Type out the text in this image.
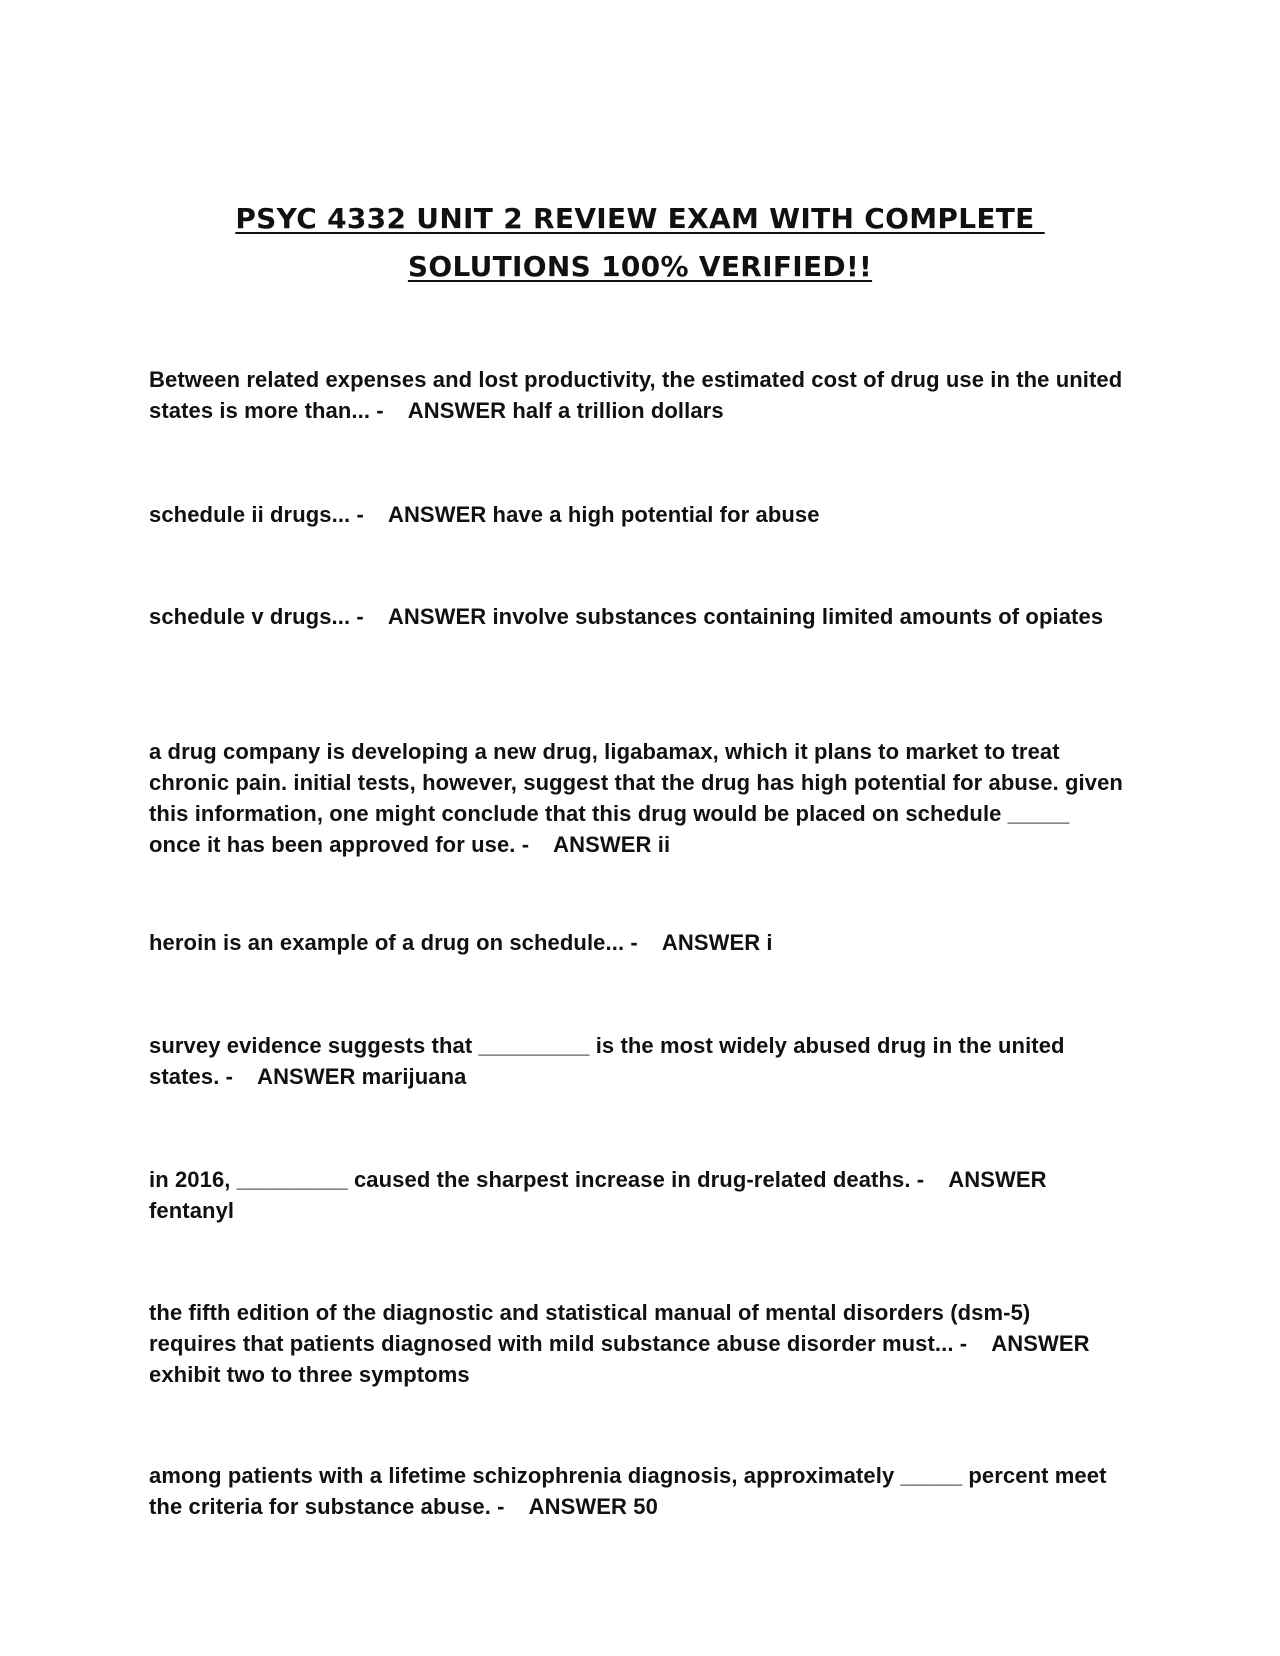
PSYC 4332 UNIT 2 REVIEW EXAM WITH COMPLETE
SOLUTIONS 100% VERIFIED!!
Between related expenses and lost productivity, the estimated cost of drug use in the united states is more than... -    ANSWER half a trillion dollars
schedule ii drugs... -    ANSWER have a high potential for abuse
schedule v drugs... -    ANSWER involve substances containing limited amounts of opiates
a drug company is developing a new drug, ligabamax, which it plans to market to treat chronic pain. initial tests, however, suggest that the drug has high potential for abuse. given this information, one might conclude that this drug would be placed on schedule _____ once it has been approved for use. -    ANSWER ii
heroin is an example of a drug on schedule... -    ANSWER i
survey evidence suggests that _________ is the most widely abused drug in the united states. -    ANSWER marijuana
in 2016, _________ caused the sharpest increase in drug-related deaths. -    ANSWER fentanyl
the fifth edition of the diagnostic and statistical manual of mental disorders (dsm-5) requires that patients diagnosed with mild substance abuse disorder must... -    ANSWER exhibit two to three symptoms
among patients with a lifetime schizophrenia diagnosis, approximately _____ percent meet the criteria for substance abuse. -    ANSWER 50
